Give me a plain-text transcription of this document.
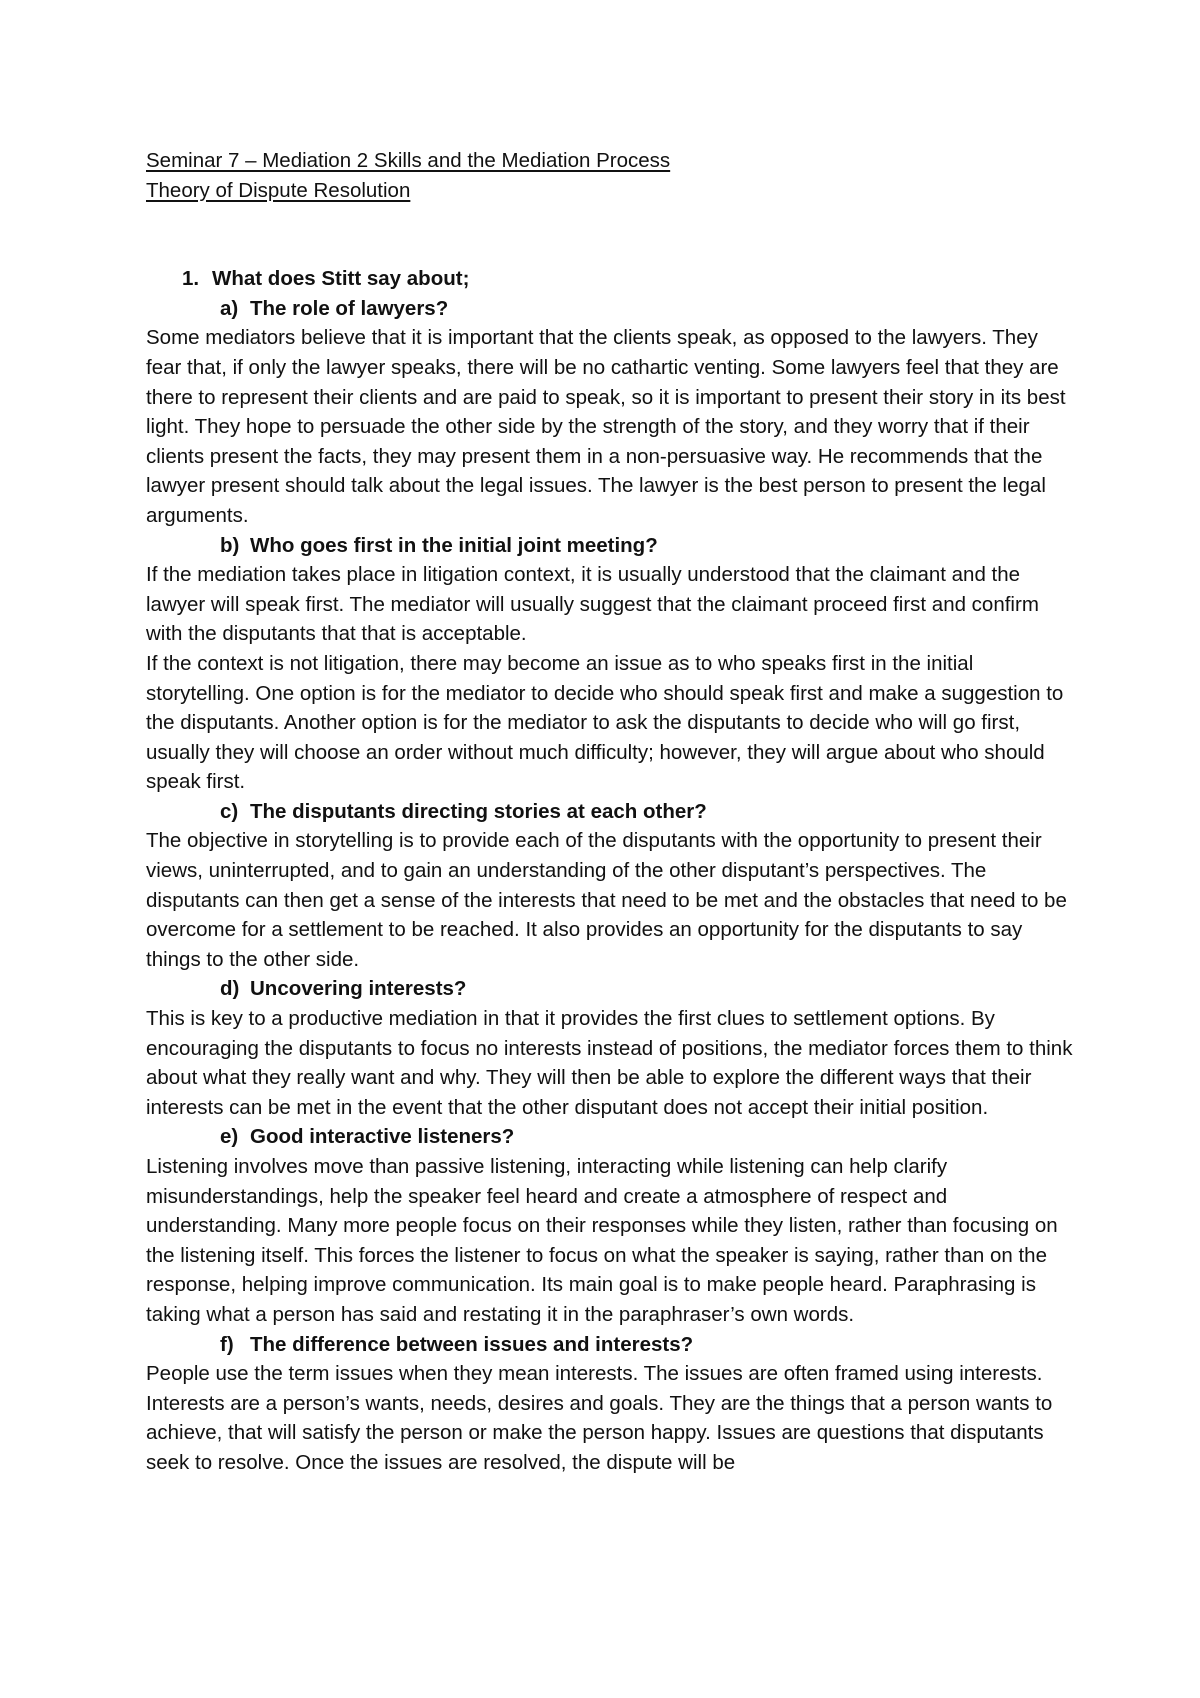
Seminar 7 – Mediation 2 Skills and the Mediation Process

Theory of Dispute Resolution

1. What does Stitt say about;

a) The role of lawyers?

Some mediators believe that it is important that the clients speak, as opposed to the lawyers. They fear that, if only the lawyer speaks, there will be no cathartic venting. Some lawyers feel that they are there to represent their clients and are paid to speak, so it is important to present their story in its best light. They hope to persuade the other side by the strength of the story, and they worry that if their clients present the facts, they may present them in a non-persuasive way. He recommends that the lawyer present should talk about the legal issues. The lawyer is the best person to present the legal arguments.

b) Who goes first in the initial joint meeting?

If the mediation takes place in litigation context, it is usually understood that the claimant and the lawyer will speak first. The mediator will usually suggest that the claimant proceed first and confirm with the disputants that that is acceptable.

If the context is not litigation, there may become an issue as to who speaks first in the initial storytelling. One option is for the mediator to decide who should speak first and make a suggestion to the disputants. Another option is for the mediator to ask the disputants to decide who will go first, usually they will choose an order without much difficulty; however, they will argue about who should speak first.

c) The disputants directing stories at each other?

The objective in storytelling is to provide each of the disputants with the opportunity to present their views, uninterrupted, and to gain an understanding of the other disputant’s perspectives. The disputants can then get a sense of the interests that need to be met and the obstacles that need to be overcome for a settlement to be reached. It also provides an opportunity for the disputants to say things to the other side.

d) Uncovering interests?

This is key to a productive mediation in that it provides the first clues to settlement options. By encouraging the disputants to focus no interests instead of positions, the mediator forces them to think about what they really want and why. They will then be able to explore the different ways that their interests can be met in the event that the other disputant does not accept their initial position.

e) Good interactive listeners?

Listening involves move than passive listening, interacting while listening can help clarify misunderstandings, help the speaker feel heard and create a atmosphere of respect and understanding. Many more people focus on their responses while they listen, rather than focusing on the listening itself. This forces the listener to focus on what the speaker is saying, rather than on the response, helping improve communication. Its main goal is to make people heard. Paraphrasing is taking what a person has said and restating it in the paraphraser’s own words.

f) The difference between issues and interests?

People use the term issues when they mean interests. The issues are often framed using interests. Interests are a person’s wants, needs, desires and goals. They are the things that a person wants to achieve, that will satisfy the person or make the person happy. Issues are questions that disputants seek to resolve. Once the issues are resolved, the dispute will be
